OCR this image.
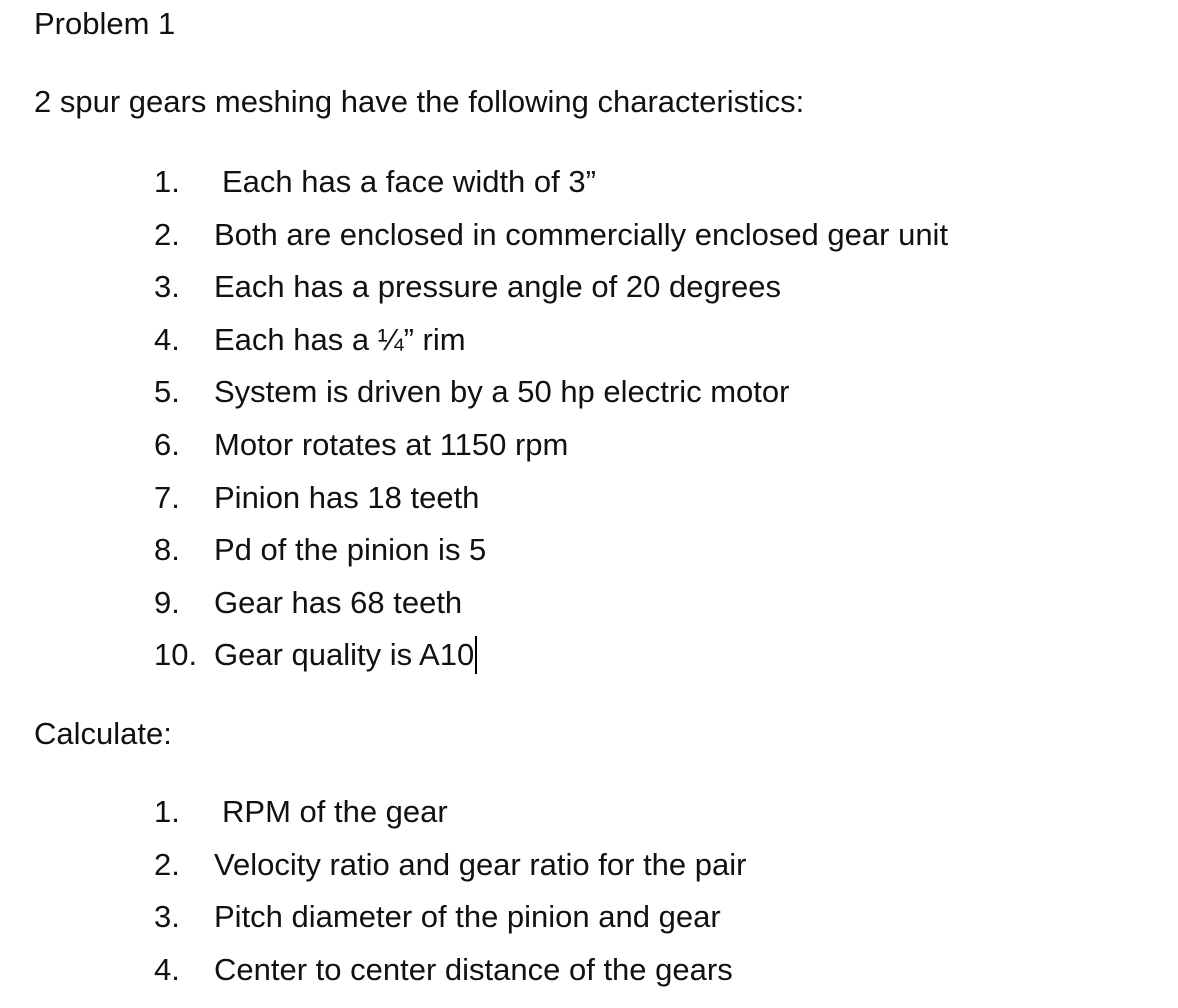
Problem 1
2 spur gears meshing have the following characteristics:
1. Each has a face width of 3”
2. Both are enclosed in commercially enclosed gear unit
3. Each has a pressure angle of 20 degrees
4. Each has a ¼” rim
5. System is driven by a 50 hp electric motor
6. Motor rotates at 1150 rpm
7. Pinion has 18 teeth
8. Pd of the pinion is 5
9. Gear has 68 teeth
10. Gear quality is A10
Calculate:
1. RPM of the gear
2. Velocity ratio and gear ratio for the pair
3. Pitch diameter of the pinion and gear
4. Center to center distance of the gears
